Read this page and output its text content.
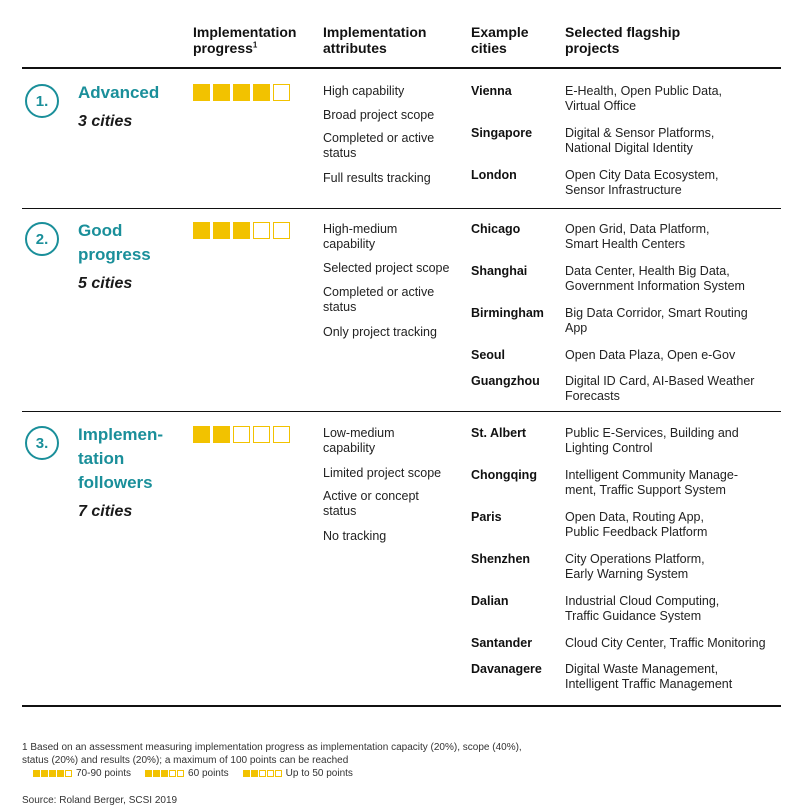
Implementation
progress$^1$
Implementation
attributes
Example
cities
Selected flagship
projects
1.	Advanced
3 cities
High capability
Broad project scope
Completed or active
status
Full results tracking
Vienna	E-Health, Open Public Data,
Virtual Office
Singapore	Digital & Sensor Platforms,
National Digital Identity
London	Open City Data Ecosystem,
Sensor Infrastructure
2.	Good
progress
5 cities
High-medium
capability
Selected project scope
Completed or active
status
Only project tracking
Chicago	Open Grid, Data Platform,
Smart Health Centers
Shanghai	Data Center, Health Big Data,
Government Information System
Birmingham Big Data Corridor, Smart Routing
App
Seoul	Open Data Plaza, Open e-Gov
Guangzhou Digital ID Card, AI-Based Weather
Forecasts
3.	Implemen-
tation
followers
7 cities
Low-medium
capability
Limited project scope
Active or concept
status
No tracking
St. Albert	Public E-Services, Building and
Lighting Control
Chongqing Intelligent Community Manage-
ment, Traffic Support System
Paris	Open Data, Routing App,
Public Feedback Platform
Shenzhen	City Operations Platform,
Early Warning System
Dalian	Industrial Cloud Computing,
Traffic Guidance System
Santander	Cloud City Center, Traffic Monitoring
Davanagere Digital Waste Management,
Intelligent Traffic Management
1 Based on an assessment measuring implementation progress as implementation capacity (20%), scope (40%),
status (20%) and results (20%); a maximum of 100 points can be reached
70-90 points	60 points	Up to 50 points
Source: Roland Berger, SCSI 2019
